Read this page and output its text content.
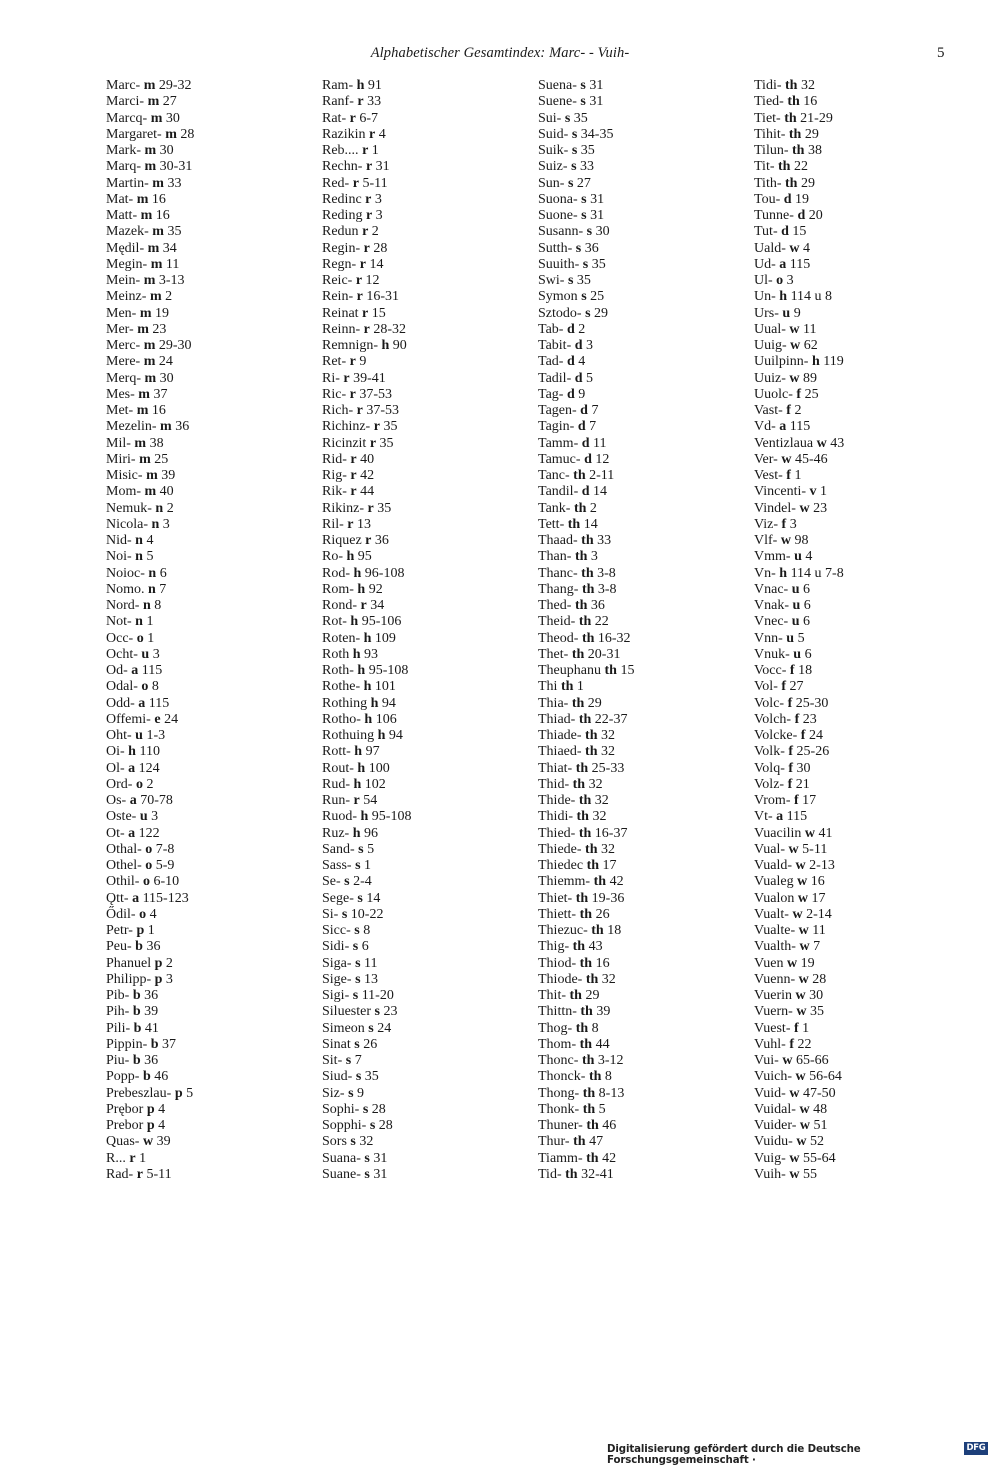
Alphabetischer Gesamtindex: Marc- - Vuih-	5
Marc- m 29-32
Marci- m 27
Marcq- m 30
Margaret- m 28
Mark- m 30
Marq- m 30-31
Martin- m 33
Mat- m 16
Matt- m 16
Mazek- m 35
Mędil- m 34
Megin- m 11
Mein- m 3-13
Meinz- m 2
Men- m 19
Mer- m 23
Merc- m 29-30
Mere- m 24
Merq- m 30
Mes- m 37
Met- m 16
Mezelin- m 36
Mil- m 38
Miri- m 25
Misic- m 39
Mom- m 40
Nemuk- n 2
Nicola- n 3
Nid- n 4
Noi- n 5
Noioc- n 6
Nomo. n 7
Nord- n 8
Not- n 1
Occ- o 1
Ocht- u 3
Od- a 115
Odal- o 8
Odd- a 115
Offemi- e 24
Oht- u 1-3
Oi- h 110
Ol- a 124
Ord- o 2
Os- a 70-78
Oste- u 3
Ot- a 122
Othal- o 7-8
Othel- o 5-9
Othil- o 6-10
Ǫtt- a 115-123
Ődil- o 4
Petr- p 1
Peu- b 36
Phanuel p 2
Philipp- p 3
Pib- b 36
Pih- b 39
Pili- b 41
Pippin- b 37
Piu- b 36
Popp- b 46
Prebeszlau- p 5
Prębor p 4
Prebor p 4
Quas- w 39
R... r 1
Rad- r 5-11
Ram- h 91
Ranf- r 33
Rat- r 6-7
Razikin r 4
Reb.... r 1
Rechn- r 31
Red- r 5-11
Redinc r 3
Reding r 3
Redun r 2
Regin- r 28
Regn- r 14
Reic- r 12
Rein- r 16-31
Reinat r 15
Reinn- r 28-32
Remnign- h 90
Ret- r 9
Ri- r 39-41
Ric- r 37-53
Rich- r 37-53
Richinz- r 35
Ricinzit r 35
Rid- r 40
Rig- r 42
Rik- r 44
Rikinz- r 35
Ril- r 13
Riquez r 36
Ro- h 95
Rod- h 96-108
Rom- h 92
Rond- r 34
Rot- h 95-106
Roten- h 109
Roth h 93
Roth- h 95-108
Rothe- h 101
Rothing h 94
Rotho- h 106
Rothuing h 94
Rott- h 97
Rout- h 100
Rud- h 102
Run- r 54
Ruod- h 95-108
Ruz- h 96
Sand- s 5
Sass- s 1
Se- s 2-4
Sege- s 14
Si- s 10-22
Sicc- s 8
Sidi- s 6
Siga- s 11
Sige- s 13
Sigi- s 11-20
Siluester s 23
Simeon s 24
Sinat s 26
Sit- s 7
Siud- s 35
Siz- s 9
Sophi- s 28
Sopphi- s 28
Sors s 32
Suana- s 31
Suane- s 31
Suena- s 31
Suene- s 31
Sui- s 35
Suid- s 34-35
Suik- s 35
Suiz- s 33
Sun- s 27
Suona- s 31
Suone- s 31
Susann- s 30
Sutth- s 36
Suuith- s 35
Swi- s 35
Symon s 25
Sztodo- s 29
Tab- d 2
Tabit- d 3
Tad- d 4
Tadil- d 5
Tag- d 9
Tagen- d 7
Tagin- d 7
Tamm- d 11
Tamuc- d 12
Tanc- th 2-11
Tandil- d 14
Tank- th 2
Tett- th 14
Thaad- th 33
Than- th 3
Thanc- th 3-8
Thang- th 3-8
Thed- th 36
Theid- th 22
Theod- th 16-32
Thet- th 20-31
Theuphanu th 15
Thi th 1
Thia- th 29
Thiad- th 22-37
Thiade- th 32
Thiaed- th 32
Thiat- th 25-33
Thid- th 32
Thide- th 32
Thidi- th 32
Thied- th 16-37
Thiede- th 32
Thiedec th 17
Thiemm- th 42
Thiet- th 19-36
Thiett- th 26
Thiezuc- th 18
Thig- th 43
Thiod- th 16
Thiode- th 32
Thit- th 29
Thittn- th 39
Thog- th 8
Thom- th 44
Thonc- th 3-12
Thonck- th 8
Thong- th 8-13
Thonk- th 5
Thuner- th 46
Thur- th 47
Tiamm- th 42
Tid- th 32-41
Tidi- th 32
Tied- th 16
Tiet- th 21-29
Tihit- th 29
Tilun- th 38
Tit- th 22
Tith- th 29
Tou- d 19
Tunne- d 20
Tut- d 15
Uald- w 4
Ud- a 115
Ul- o 3
Un- h 114 u 8
Urs- u 9
Uual- w 11
Uuig- w 62
Uuilpinn- h 119
Uuiz- w 89
Uuolc- f 25
Vast- f 2
Vd- a 115
Ventizlaua w 43
Ver- w 45-46
Vest- f 1
Vincenti- v 1
Vindel- w 23
Viz- f 3
Vlf- w 98
Vmm- u 4
Vn- h 114 u 7-8
Vnac- u 6
Vnak- u 6
Vnec- u 6
Vnn- u 5
Vnuk- u 6
Vocc- f 18
Vol- f 27
Volc- f 25-30
Volch- f 23
Volcke- f 24
Volk- f 25-26
Volq- f 30
Volz- f 21
Vrom- f 17
Vt- a 115
Vuacilin w 41
Vual- w 5-11
Vuald- w 2-13
Vualeg w 16
Vualon w 17
Vualt- w 2-14
Vualte- w 11
Vualth- w 7
Vuen w 19
Vuenn- w 28
Vuerin w 30
Vuern- w 35
Vuest- f 1
Vuhl- f 22
Vui- w 65-66
Vuich- w 56-64
Vuid- w 47-50
Vuidal- w 48
Vuider- w 51
Vuidu- w 52
Vuig- w 55-64
Vuih- w 55
Digitalisierung gefördert durch die Deutsche Forschungsgemeinschaft ·
DFG
